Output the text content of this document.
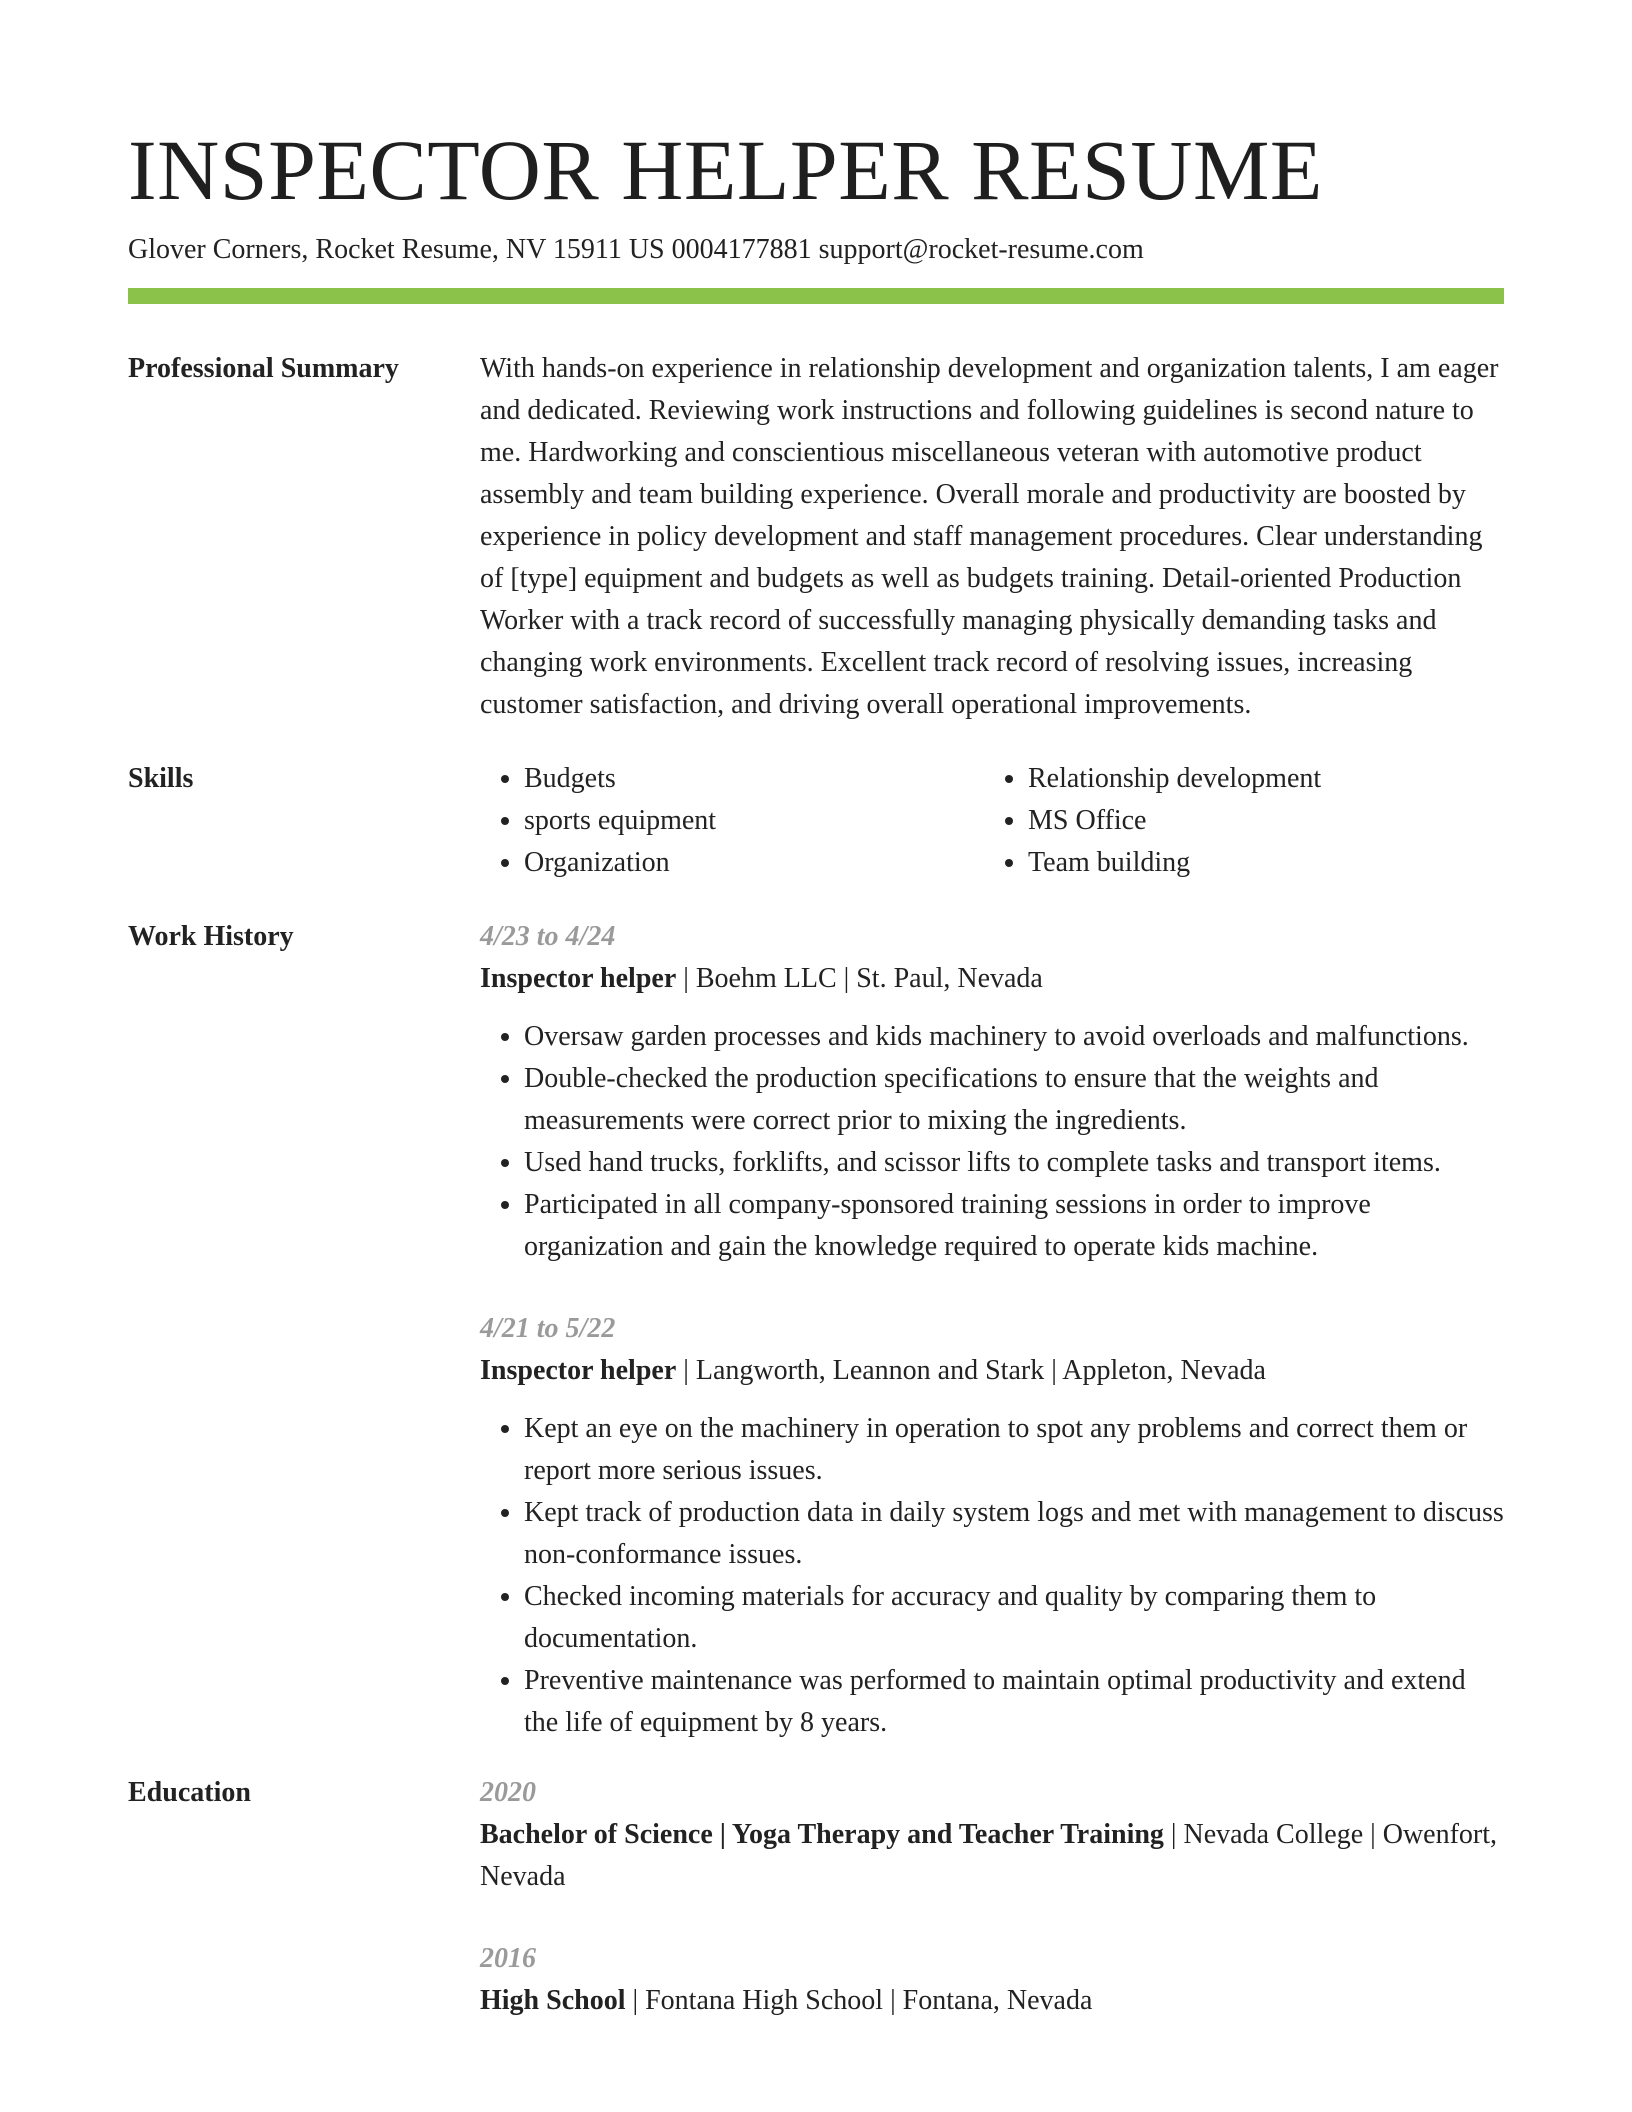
INSPECTOR HELPER RESUME
Glover Corners, Rocket Resume, NV 15911 US 0004177881 support@rocket-resume.com
Professional Summary	With hands-on experience in relationship development and organization talents, I am eager and dedicated. Reviewing work instructions and following guidelines is second nature to me. Hardworking and conscientious miscellaneous veteran with automotive product assembly and team building experience. Overall morale and productivity are boosted by experience in policy development and staff management procedures. Clear understanding of [type] equipment and budgets as well as budgets training. Detail-oriented Production Worker with a track record of successfully managing physically demanding tasks and changing work environments. Excellent track record of resolving issues, increasing customer satisfaction, and driving overall operational improvements.

Skills
•	Budgets
• sports equipment
• Organization
• Relationship development
• MS Office
• Team building
Work History	4/23 to 4/24
Inspector helper | Boehm LLC | St. Paul, Nevada
• Oversaw garden processes and kids machinery to avoid overloads and malfunctions.
• Double-checked the production specifications to ensure that the weights and measurements were correct prior to mixing the ingredients.
• Used hand trucks, forklifts, and scissor lifts to complete tasks and transport items.
• Participated in all company-sponsored training sessions in order to improve organization and gain the knowledge required to operate kids machine.
4/21 to 5/22
Inspector helper | Langworth, Leannon and Stark | Appleton, Nevada
• Kept an eye on the machinery in operation to spot any problems and correct them or report more serious issues.
• Kept track of production data in daily system logs and met with management to discuss non-conformance issues.
• Checked incoming materials for accuracy and quality by comparing them to documentation.
• Preventive maintenance was performed to maintain optimal productivity and extend the life of equipment by 8 years.
Education	2020
Bachelor of Science | Yoga Therapy and Teacher Training | Nevada College | Owenfort, Nevada
2016
High School | Fontana High School | Fontana, Nevada
